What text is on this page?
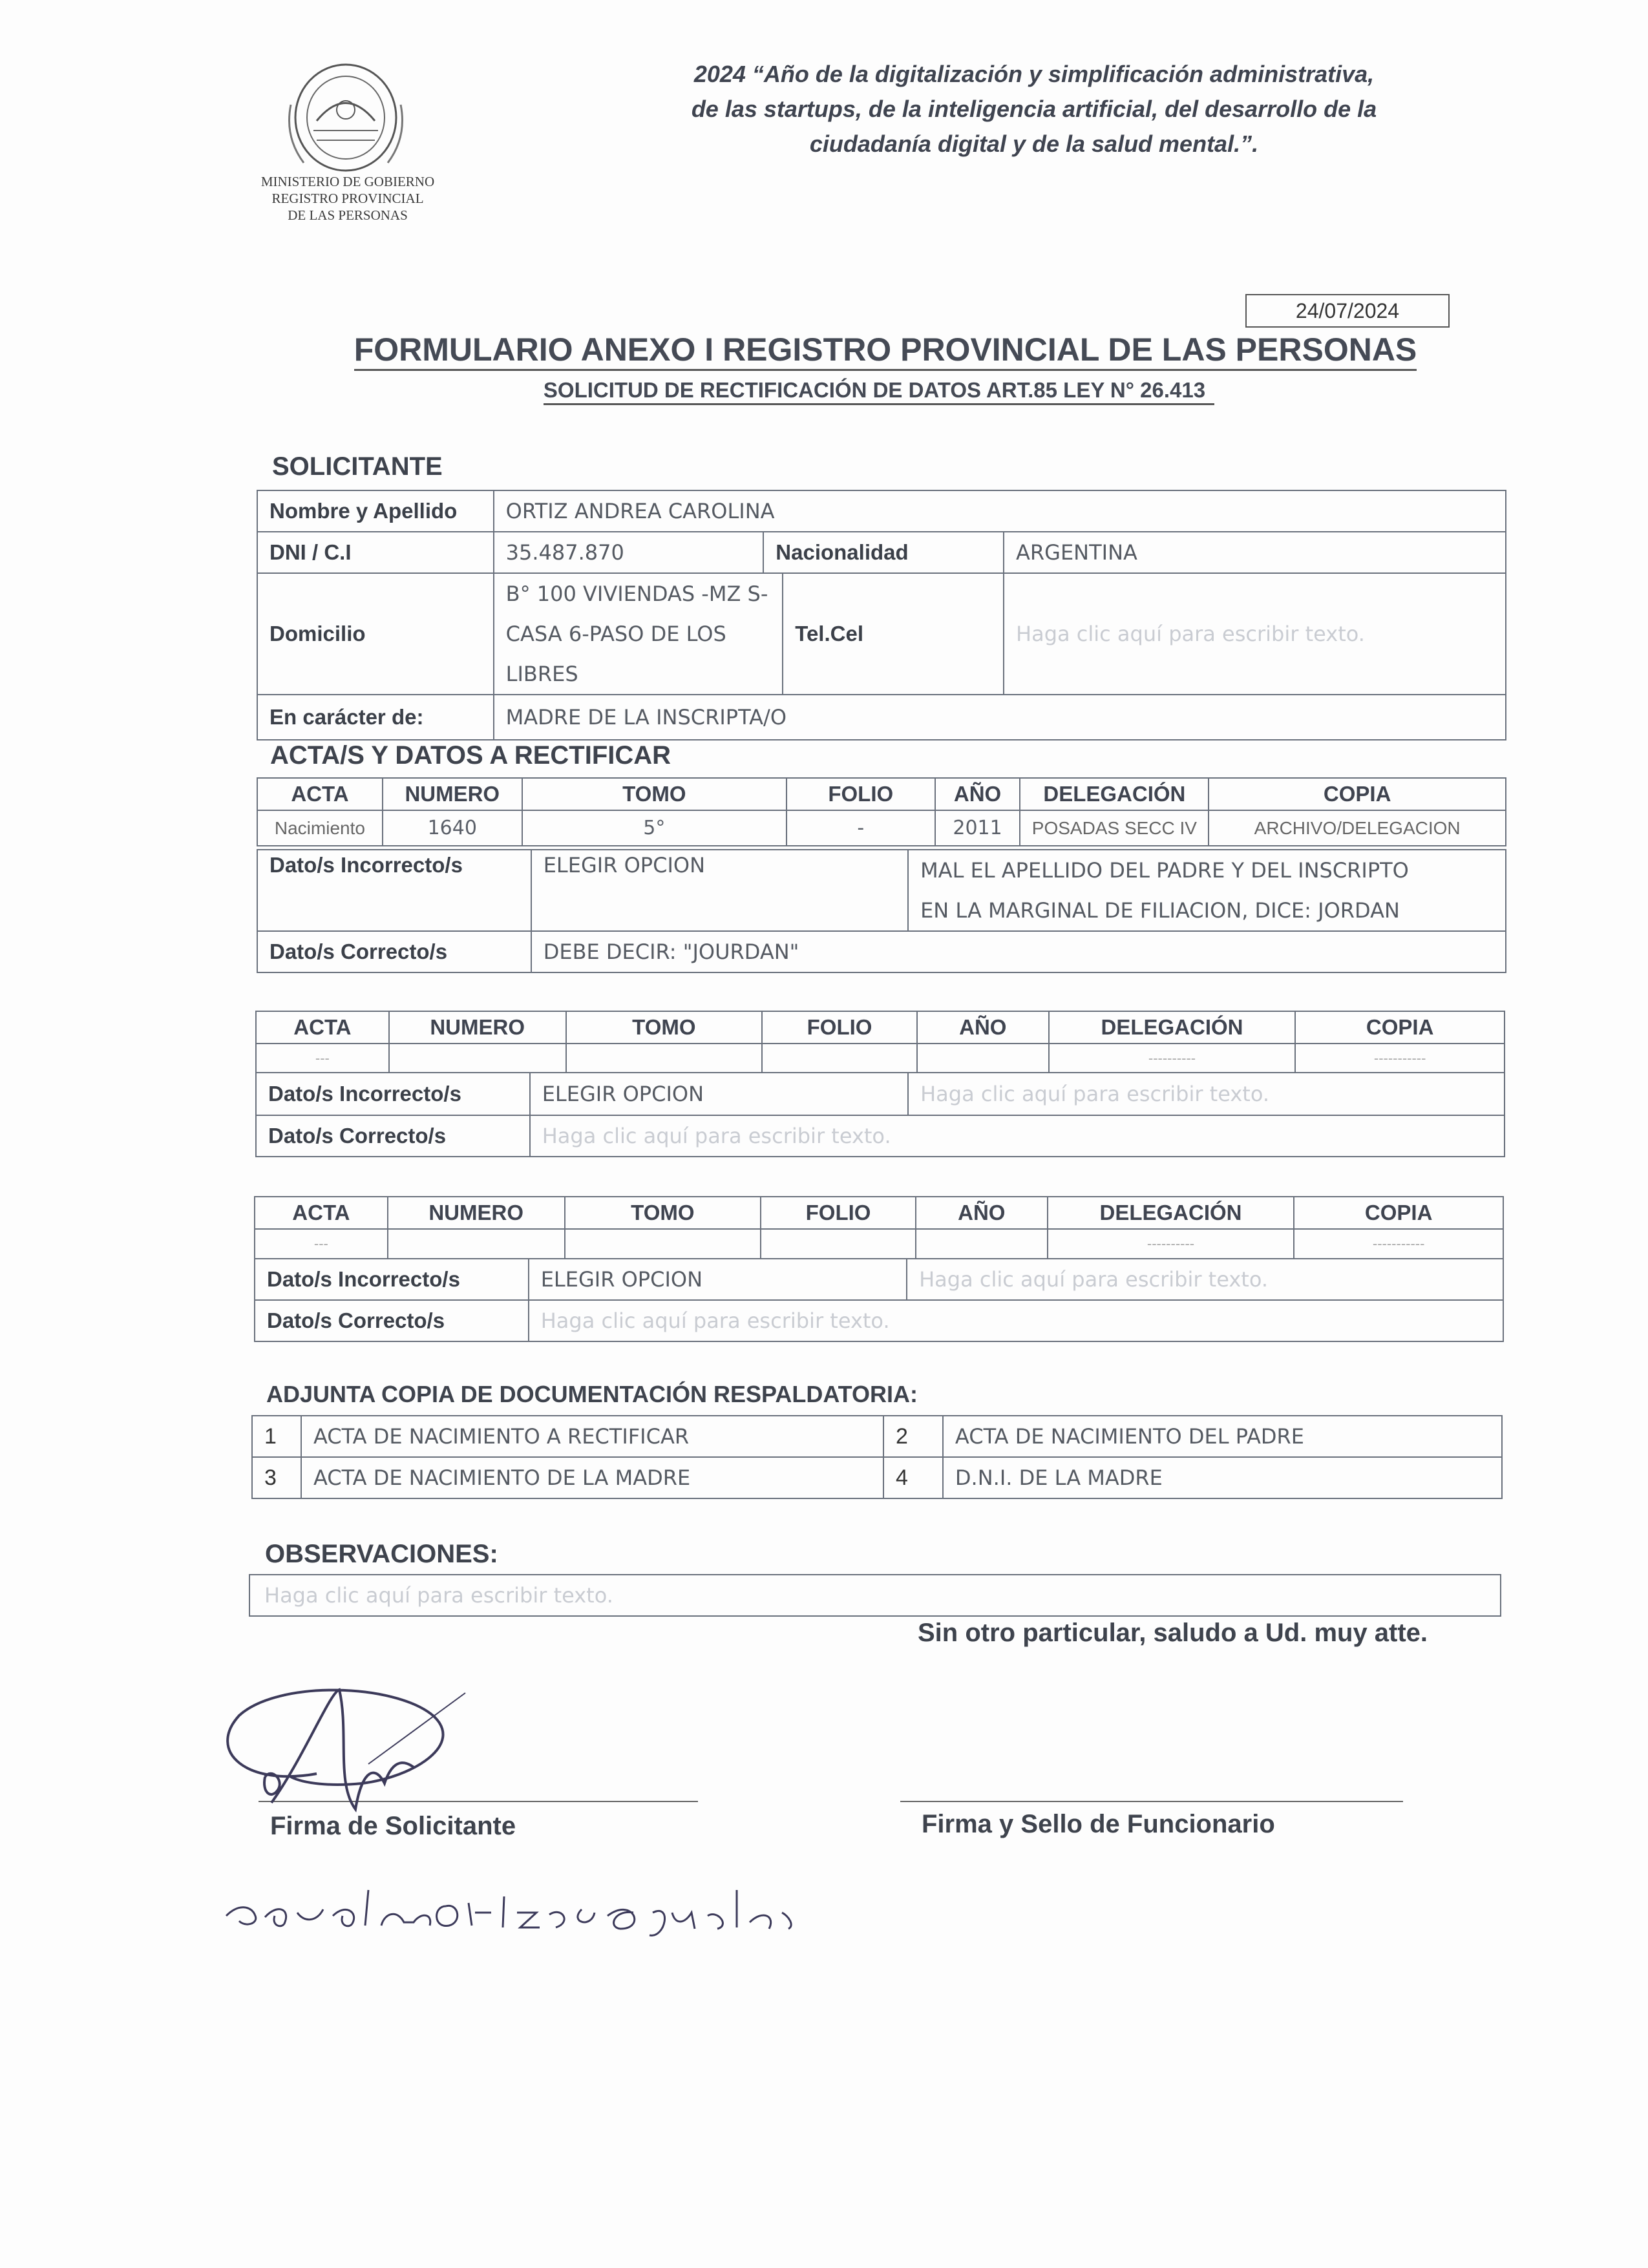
MINISTERIO DE GOBIERNO
REGISTRO PROVINCIAL
DE LAS PERSONAS
2024 “Año de la digitalización y simplificación administrativa,
de las startups, de la inteligencia artificial, del desarrollo de la
ciudadanía digital y de la salud mental.”.
24/07/2024
FORMULARIO ANEXO I REGISTRO PROVINCIAL DE LAS PERSONAS
SOLICITUD DE RECTIFICACIÓN DE DATOS ART.85 LEY N° 26.413
SOLICITANTE
Nombre y Apellido	ORTIZ ANDREA CAROLINA			
DNI / C.I	35.487.870	Nacionalidad		ARGENTINA
Domicilio	B° 100 VIVIENDAS -MZ S-
CASA 6-PASO DE LOS LIBRES		Tel.Cel	Haga clic aquí para escribir texto.
En carácter de:	MADRE DE LA INSCRIPTA/O			
ACTA/S Y DATOS A RECTIFICAR
ACTA	NUMERO	TOMO	FOLIO	AÑO	DELEGACIÓN	COPIA
Nacimiento	1640	5°	-	2011	POSADAS SECC IV	ARCHIVO/DELEGACION
Dato/s Incorrecto/s	ELEGIR OPCION	MAL EL APELLIDO DEL PADRE Y DEL INSCRIPTO
EN LA MARGINAL DE FILIACION, DICE: JORDAN

Dato/s Correcto/s	DEBE DECIR: "JOURDAN"	
ACTA	NUMERO	TOMO	FOLIO	AÑO	DELEGACIÓN	COPIA
---					----------	-----------
Dato/s Incorrecto/s	ELEGIR OPCION	Haga clic aquí para escribir texto.
Dato/s Correcto/s	Haga clic aquí para escribir texto.	
ACTA	NUMERO	TOMO	FOLIO	AÑO	DELEGACIÓN	COPIA
---					----------	-----------
Dato/s Incorrecto/s	ELEGIR OPCION	Haga clic aquí para escribir texto.
Dato/s Correcto/s	Haga clic aquí para escribir texto.	
ADJUNTA COPIA DE DOCUMENTACIÓN RESPALDATORIA:
1	ACTA DE NACIMIENTO A RECTIFICAR	2	ACTA DE NACIMIENTO DEL PADRE
3	ACTA DE NACIMIENTO DE LA MADRE	4	D.N.I. DE LA MADRE
OBSERVACIONES:
Haga clic aquí para escribir texto.
Sin otro particular, saludo a Ud. muy atte.
Firma de Solicitante	Firma y Sello de Funcionario
